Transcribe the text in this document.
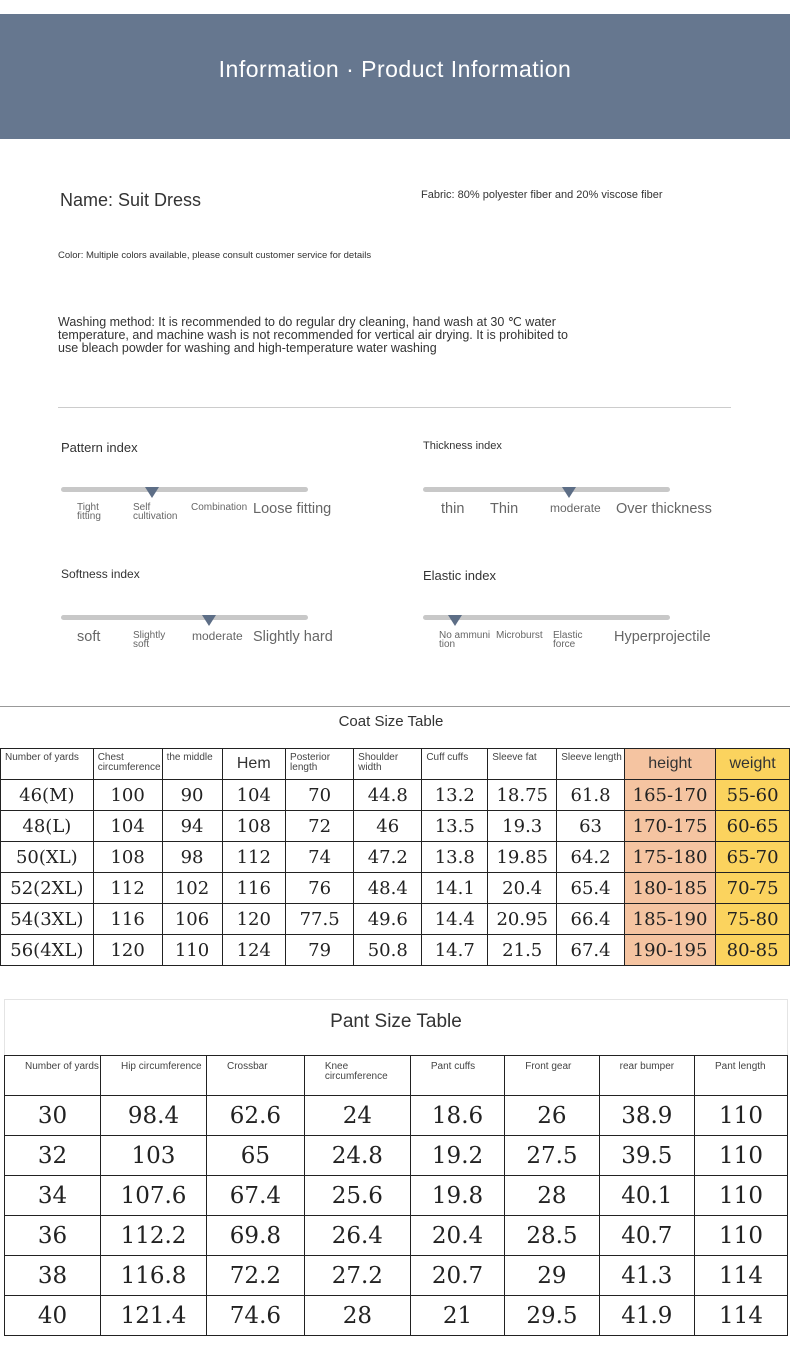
Information · Product Information
Name: Suit Dress	Fabric: 80% polyester fiber and 20% viscose fiber
Color: Multiple colors available, please consult customer service for details
Washing method: It is recommended to do regular dry cleaning, hand wash at 30 ℃ water temperature, and machine wash is not recommended for vertical air drying. It is prohibited to use bleach powder for washing and high-temperature water washing
Pattern index
Tight fitting
Self cultivation
Combination Loose fitting
Thickness index
thin Thin	moderate Over thickness
Softness index
soft	Slightly soft
moderate Slightly hard
Elastic index
No ammunition
Microburst	Elastic force	Hyperprojectile
Coat Size Table
Number of yards	Chest circumference	the middle	Hem	Posterior length	Shoulder width	Cuff cuffs	Sleeve fat	Sleeve length	height	weight
46(M)	100	90	104	70	44.8	13.2	18.75	61.8	165-170	55-60
48(L)	104	94	108	72	46	13.5	19.3	63	170-175	60-65
50(XL)	108	98	112	74	47.2	13.8	19.85	64.2	175-180	65-70
52(2XL)	112	102	116	76	48.4	14.1	20.4	65.4	180-185	70-75
54(3XL)	116	106	120	77.5	49.6	14.4	20.95	66.4	185-190	75-80
56(4XL)	120	110	124	79	50.8	14.7	21.5	67.4	190-195	80-85
Pant Size Table
Number of yards	Hip circumference	Crossbar	Knee circumference	Pant cuffs	Front gear	rear bumper	Pant length
30	98.4	62.6	24	18.6	26	38.9	110
32	103	65	24.8	19.2	27.5	39.5	110
34	107.6	67.4	25.6	19.8	28	40.1	110
36	112.2	69.8	26.4	20.4	28.5	40.7	110
38	116.8	72.2	27.2	20.7	29	41.3	114
40	121.4	74.6	28	21	29.5	41.9	114
